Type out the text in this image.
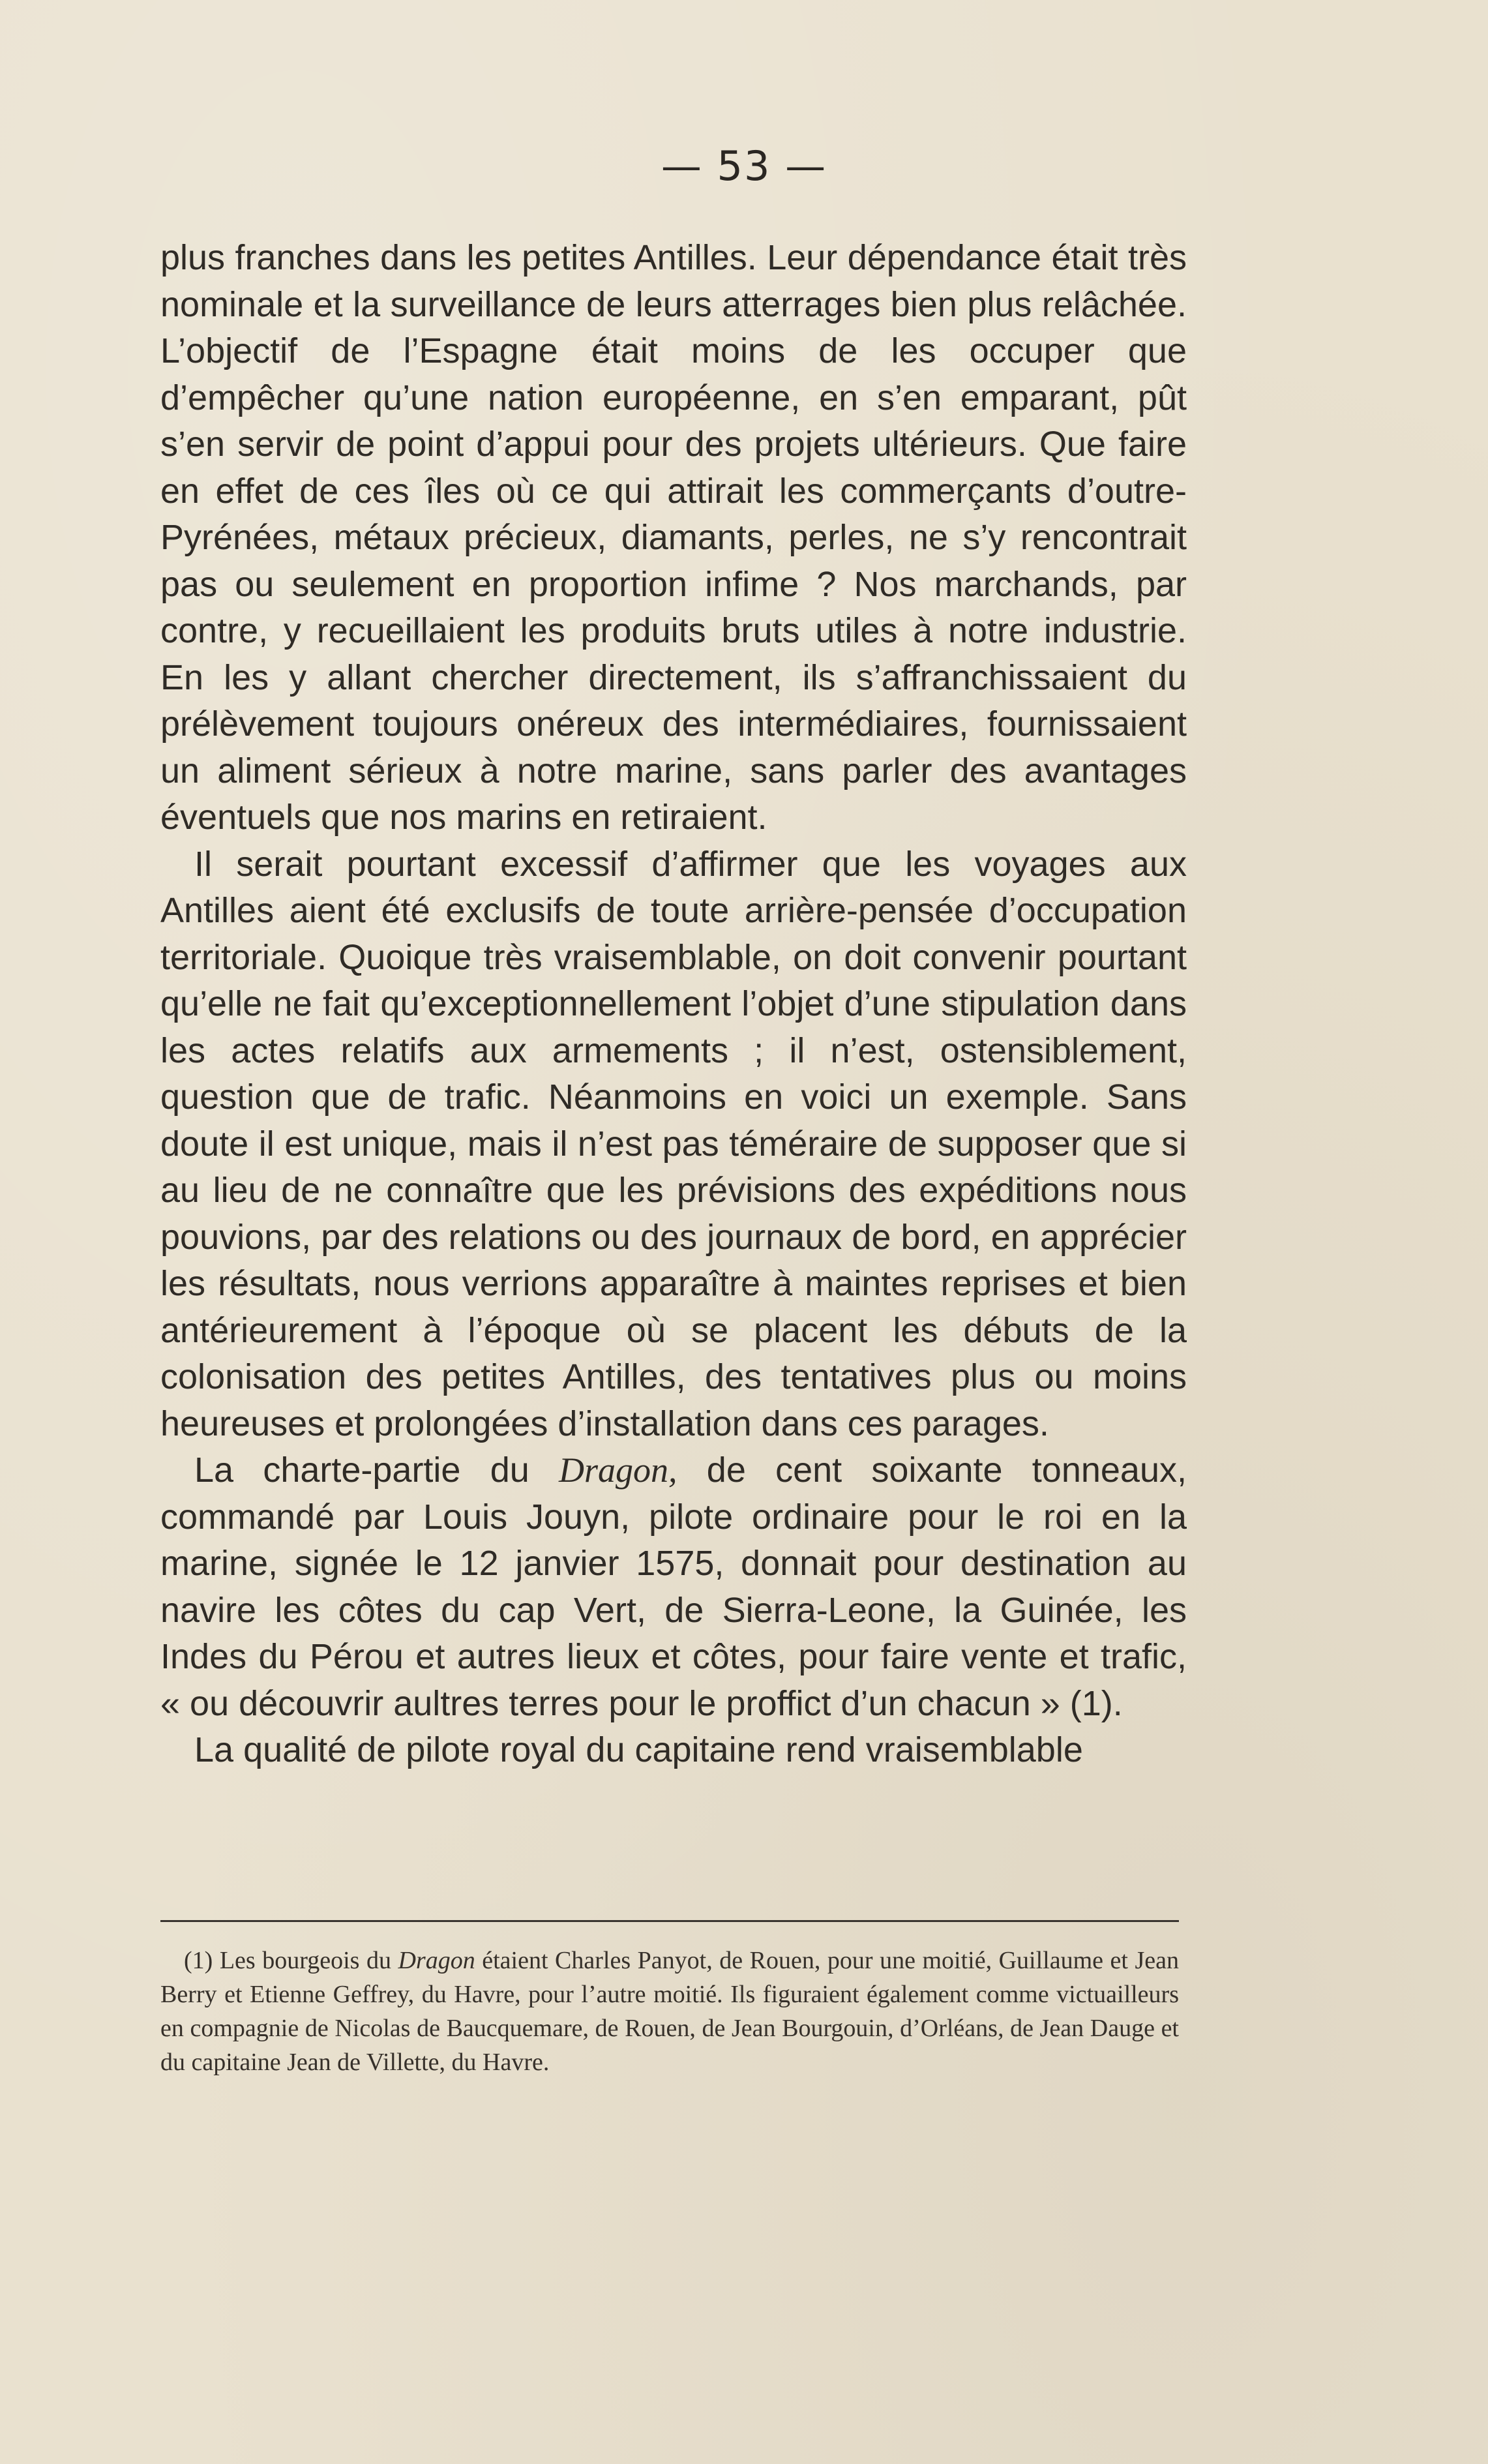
— 53 —

plus franches dans les petites Antilles. Leur dépendance était très nominale et la surveillance de leurs atterrages bien plus relâchée. L’objectif de l’Espagne était moins de les occuper que d’empêcher qu’une nation européenne, en s’en emparant, pût s’en servir de point d’appui pour des projets ultérieurs. Que faire en effet de ces îles où ce qui attirait les commerçants d’outre-Pyrénées, métaux précieux, diamants, perles, ne s’y rencontrait pas ou seulement en proportion infime ? Nos marchands, par contre, y recueillaient les produits bruts utiles à notre industrie. En les y allant chercher directement, ils s’affranchissaient du prélèvement toujours onéreux des intermédiaires, fournissaient un aliment sérieux à notre marine, sans parler des avantages éventuels que nos marins en retiraient.

Il serait pourtant excessif d’affirmer que les voyages aux Antilles aient été exclusifs de toute arrière-pensée d’occupation territoriale. Quoique très vraisemblable, on doit convenir pourtant qu’elle ne fait qu’exceptionnellement l’objet d’une stipulation dans les actes relatifs aux armements ; il n’est, ostensiblement, question que de trafic. Néanmoins en voici un exemple. Sans doute il est unique, mais il n’est pas téméraire de supposer que si au lieu de ne connaître que les prévisions des expéditions nous pouvions, par des relations ou des journaux de bord, en apprécier les résultats, nous verrions apparaître à maintes reprises et bien antérieurement à l’époque où se placent les débuts de la colonisation des petites Antilles, des tentatives plus ou moins heureuses et prolongées d’installation dans ces parages.

La charte-partie du Dragon, de cent soixante tonneaux, commandé par Louis Jouyn, pilote ordinaire pour le roi en la marine, signée le 12 janvier 1575, donnait pour destination au navire les côtes du cap Vert, de Sierra-Leone, la Guinée, les Indes du Pérou et autres lieux et côtes, pour faire vente et trafic, « ou découvrir aultres terres pour le proffict d’un chacun » (1).

La qualité de pilote royal du capitaine rend vraisemblable

(1) Les bourgeois du Dragon étaient Charles Panyot, de Rouen, pour une moitié, Guillaume et Jean Berry et Etienne Geffrey, du Havre, pour l’autre moitié. Ils figuraient également comme victuailleurs en compagnie de Nicolas de Baucquemare, de Rouen, de Jean Bourgouin, d’Orléans, de Jean Dauge et du capitaine Jean de Villette, du Havre.
